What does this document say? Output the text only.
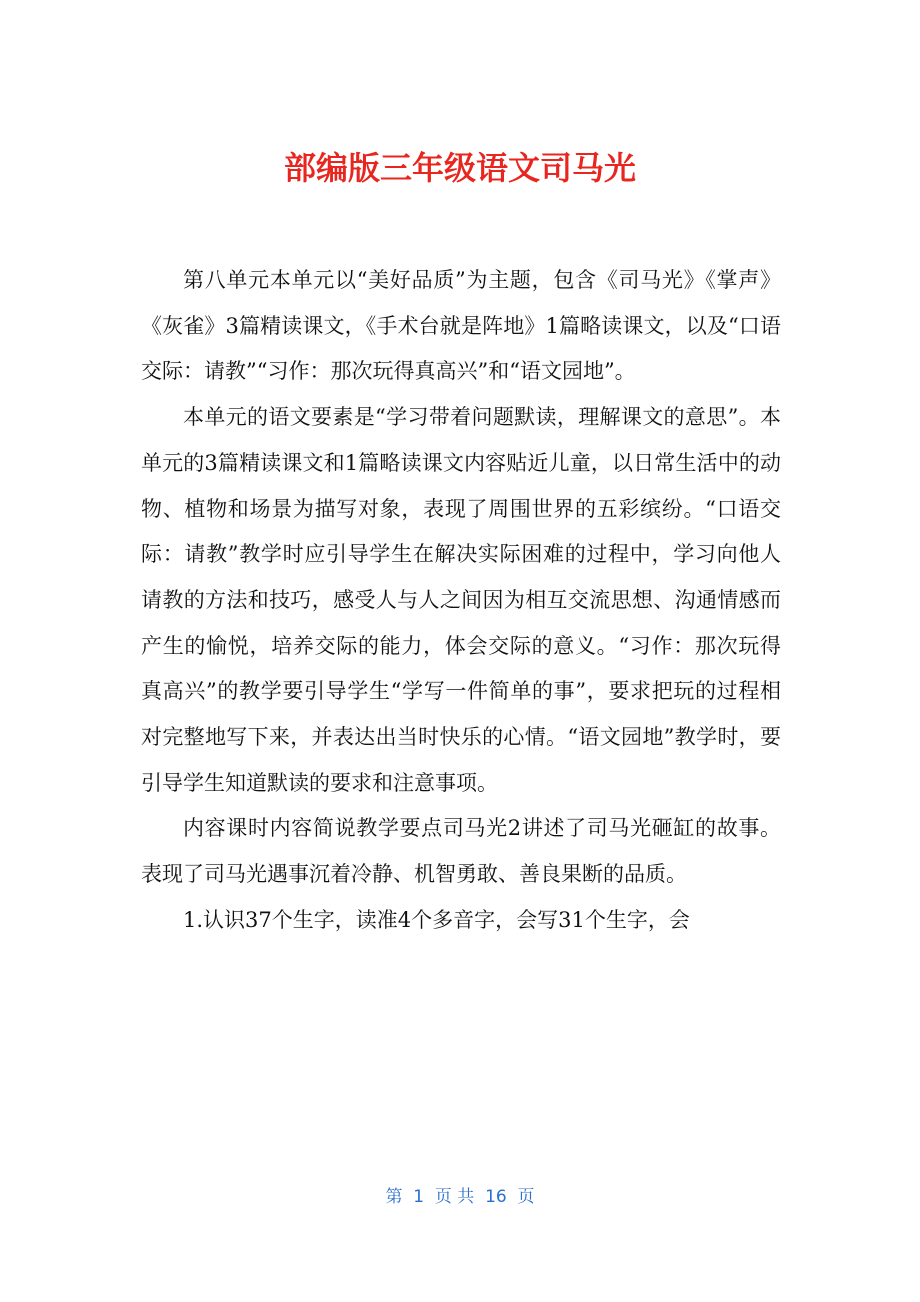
部编版三年级语文司马光

第八单元本单元以“美好品质”为主题，包含《司马光》《掌声》《灰雀》3篇精读课文，《手术台就是阵地》1篇略读课文，以及“口语交际：请教”“习作：那次玩得真高兴”和“语文园地”。

本单元的语文要素是“学习带着问题默读，理解课文的意思”。本单元的3篇精读课文和1篇略读课文内容贴近儿童，以日常生活中的动物、植物和场景为描写对象，表现了周围世界的五彩缤纷。“口语交际：请教”教学时应引导学生在解决实际困难的过程中，学习向他人请教的方法和技巧，感受人与人之间因为相互交流思想、沟通情感而产生的愉悦，培养交际的能力，体会交际的意义。“习作：那次玩得真高兴”的教学要引导学生“学写一件简单的事”，要求把玩的过程相对完整地写下来，并表达出当时快乐的心情。“语文园地”教学时，要引导学生知道默读的要求和注意事项。

内容课时内容简说教学要点司马光2讲述了司马光砸缸的故事。表现了司马光遇事沉着冷静、机智勇敢、善良果断的品质。

1.认识37个生字，读准4个多音字，会写31个生字，会

第  1  页 共  16  页
